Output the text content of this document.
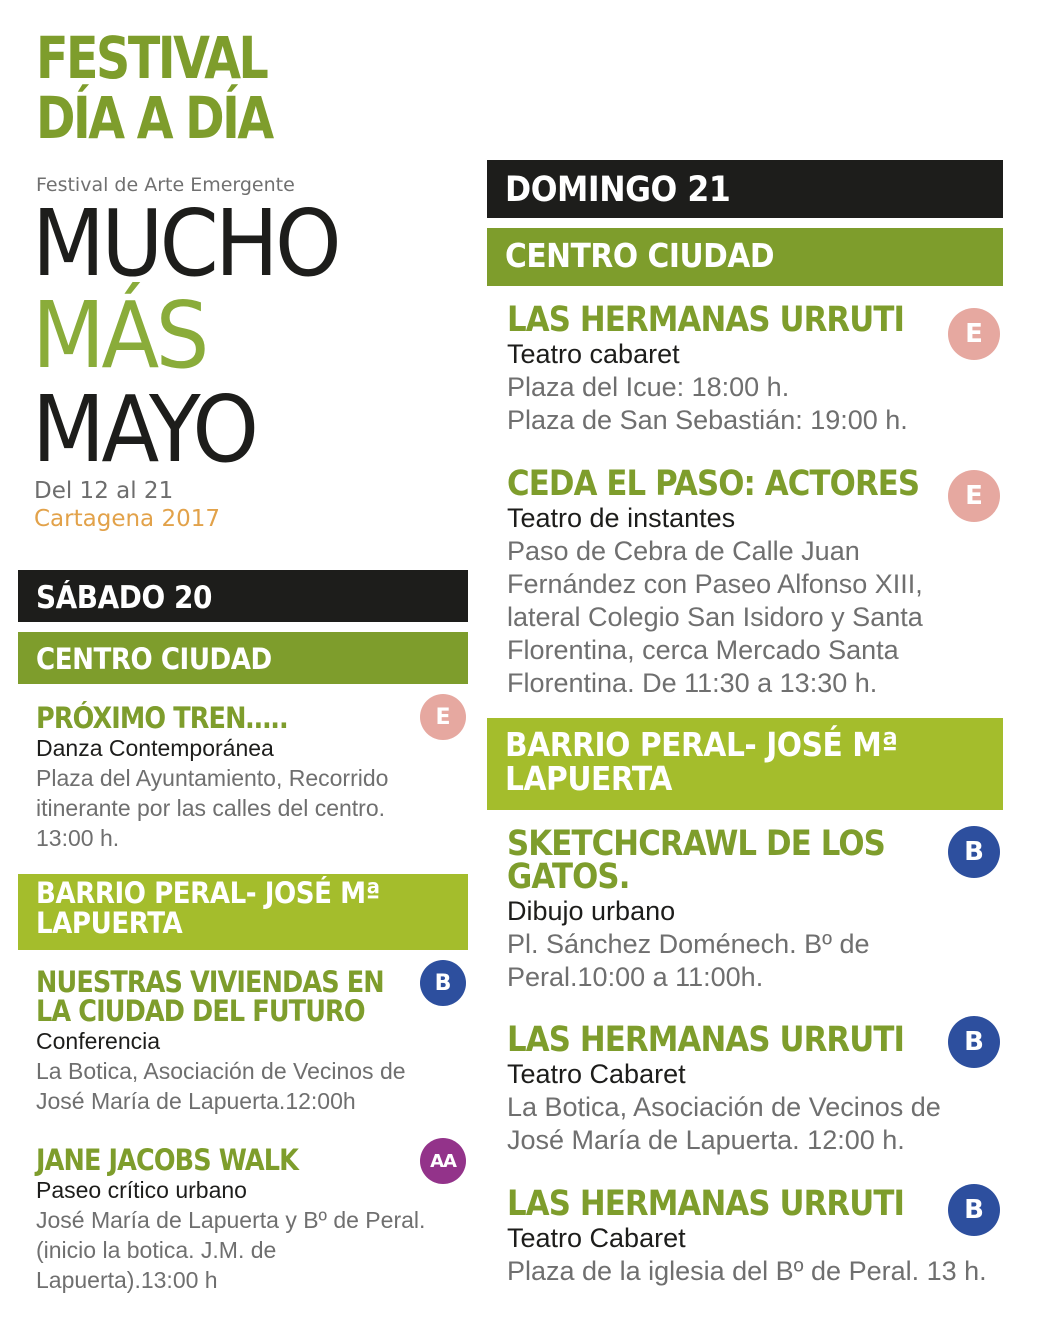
FESTIVAL
DÍA A DÍA
Festival de Arte Emergente
MUCHO
MÁS
MAYO
Del 12 al 21
Cartagena 2017
SÁBADO 20
CENTRO CIUDAD
PRÓXIMO TREN…..
Danza Contemporánea
Plaza del Ayuntamiento, Recorrido
itinerante por las calles del centro.
13:00 h.
E
BARRIO PERAL- JOSÉ Mª
LAPUERTA
NUESTRAS VIVIENDAS EN
LA CIUDAD DEL FUTURO
Conferencia
La Botica, Asociación de Vecinos de
José María de Lapuerta.12:00h
B
JANE JACOBS WALK
Paseo crítico urbano
José María de Lapuerta y Bº de Peral.
(inicio la botica. J.M. de
Lapuerta).13:00 h
AA
DOMINGO 21
CENTRO CIUDAD
LAS HERMANAS URRUTI
Teatro cabaret
Plaza del Icue: 18:00 h.
Plaza de San Sebastián: 19:00 h.
E
CEDA EL PASO: ACTORES
Teatro de instantes
Paso de Cebra de Calle Juan
Fernández con Paseo Alfonso XIII,
lateral Colegio San Isidoro y Santa
Florentina, cerca Mercado Santa
Florentina. De 11:30 a 13:30 h.
E
BARRIO PERAL- JOSÉ Mª
LAPUERTA
SKETCHCRAWL DE LOS
GATOS.
Dibujo urbano
Pl. Sánchez Doménech. Bº de
Peral.10:00 a 11:00h.
B
LAS HERMANAS URRUTI
Teatro Cabaret
La Botica, Asociación de Vecinos de
José María de Lapuerta. 12:00 h.
B
LAS HERMANAS URRUTI
Teatro Cabaret
Plaza de la iglesia del Bº de Peral. 13 h.
B
